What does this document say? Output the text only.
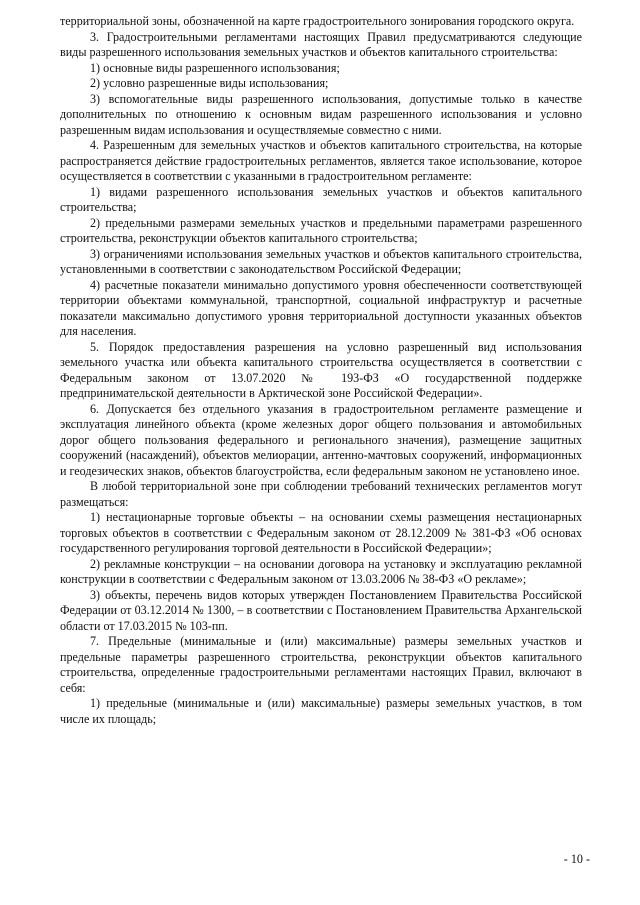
территориальной зоны, обозначенной на карте градостроительного зонирования городского округа.

3. Градостроительными регламентами настоящих Правил предусматриваются следующие виды разрешенного использования земельных участков и объектов капитального строительства:

1) основные виды разрешенного использования;

2) условно разрешенные виды использования;

3) вспомогательные виды разрешенного использования, допустимые только в качестве дополнительных по отношению к основным видам разрешенного использования и условно разрешенным видам использования и осуществляемые совместно с ними.

4. Разрешенным для земельных участков и объектов капитального строительства, на которые распространяется действие градостроительных регламентов, является такое использование, которое осуществляется в соответствии с указанными в градостроительном регламенте:

1) видами разрешенного использования земельных участков и объектов капитального строительства;

2) предельными размерами земельных участков и предельными параметрами разрешенного строительства, реконструкции объектов капитального строительства;

3) ограничениями использования земельных участков и объектов капитального строительства, установленными в соответствии с законодательством Российской Федерации;

4) расчетные показатели минимально допустимого уровня обеспеченности соответствующей территории объектами коммунальной, транспортной, социальной инфраструктур и расчетные показатели максимально допустимого уровня территориальной доступности указанных объектов для населения.

5. Порядок предоставления разрешения на условно разрешенный вид использования земельного участка или объекта капитального строительства осуществляется в соответствии с Федеральным законом от 13.07.2020 № 193-ФЗ «О государственной поддержке предпринимательской деятельности в Арктической зоне Российской Федерации».

6. Допускается без отдельного указания в градостроительном регламенте размещение и эксплуатация линейного объекта (кроме железных дорог общего пользования и автомобильных дорог общего пользования федерального и регионального значения), размещение защитных сооружений (насаждений), объектов мелиорации, антенно-мачтовых сооружений, информационных и геодезических знаков, объектов благоустройства, если федеральным законом не установлено иное.

В любой территориальной зоне при соблюдении требований технических регламентов могут размещаться:

1) нестационарные торговые объекты – на основании схемы размещения нестационарных торговых объектов в соответствии с Федеральным законом от 28.12.2009 № 381-ФЗ «Об основах государственного регулирования торговой деятельности в Российской Федерации»;

2) рекламные конструкции – на основании договора на установку и эксплуатацию рекламной конструкции в соответствии с Федеральным законом от 13.03.2006 № 38-ФЗ «О рекламе»;

3) объекты, перечень видов которых утвержден Постановлением Правительства Российской Федерации от 03.12.2014 № 1300, – в соответствии с Постановлением Правительства Архангельской области от 17.03.2015 № 103-пп.

7. Предельные (минимальные и (или) максимальные) размеры земельных участков и предельные параметры разрешенного строительства, реконструкции объектов капитального строительства, определенные градостроительными регламентами настоящих Правил, включают в себя:

1) предельные (минимальные и (или) максимальные) размеры земельных участков, в том числе их площадь;

- 10 -
